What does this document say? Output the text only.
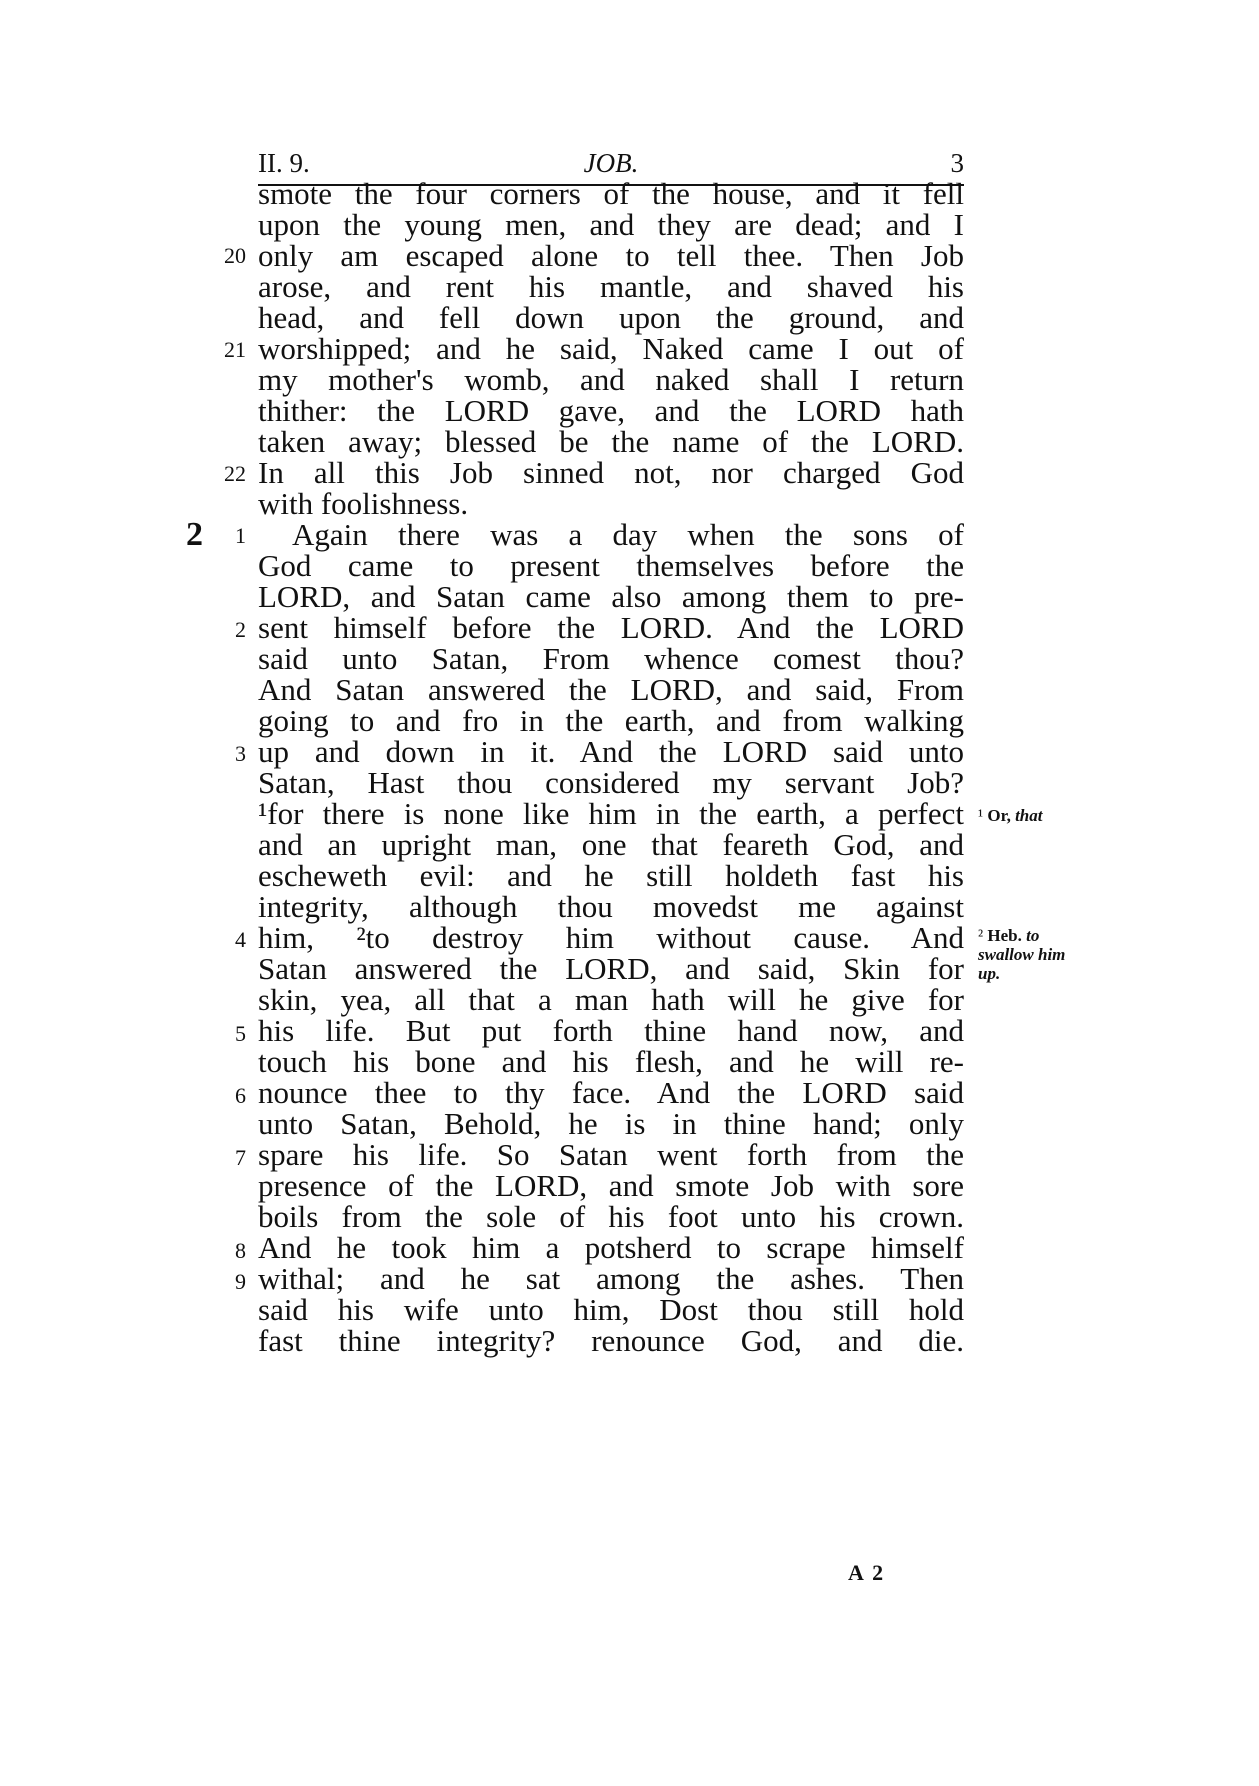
II. 9.	JOB.	3
20
21
22
2	1
2
3
4
5
6
7
8
9
smote the four corners of the house, and it fell
upon the young men, and they are dead; and I
only am escaped alone to tell thee. Then Job
arose, and rent his mantle, and shaved his
head, and fell down upon the ground, and
worshipped; and he said, Naked came I out of
my mother's womb, and naked shall I return
thither: the LORD gave, and the LORD hath
taken away; blessed be the name of the LORD.
In all this Job sinned not, nor charged God
with foolishness.
Again there was a day when the sons of
God came to present themselves before the
LORD, and Satan came also among them to pre-
sent himself before the LORD. And the LORD
said unto Satan, From whence comest thou?
And Satan answered the LORD, and said, From
going to and fro in the earth, and from walking
up and down in it. And the LORD said unto
Satan, Hast thou considered my servant Job?
¹for there is none like him in the earth, a perfect
and an upright man, one that feareth God, and
escheweth evil: and he still holdeth fast his
integrity, although thou movedst me against
him, ²to destroy him without cause. And
Satan answered the LORD, and said, Skin for
skin, yea, all that a man hath will he give for
his life. But put forth thine hand now, and
touch his bone and his flesh, and he will re-
nounce thee to thy face. And the LORD said
unto Satan, Behold, he is in thine hand; only
spare his life. So Satan went forth from the
presence of the LORD, and smote Job with sore
boils from the sole of his foot unto his crown.
And he took him a potsherd to scrape himself
withal; and he sat among the ashes. Then
said his wife unto him, Dost thou still hold
fast thine integrity? renounce God, and die.
¹ Or, that
² Heb. to
swallow him
up.
A 2
